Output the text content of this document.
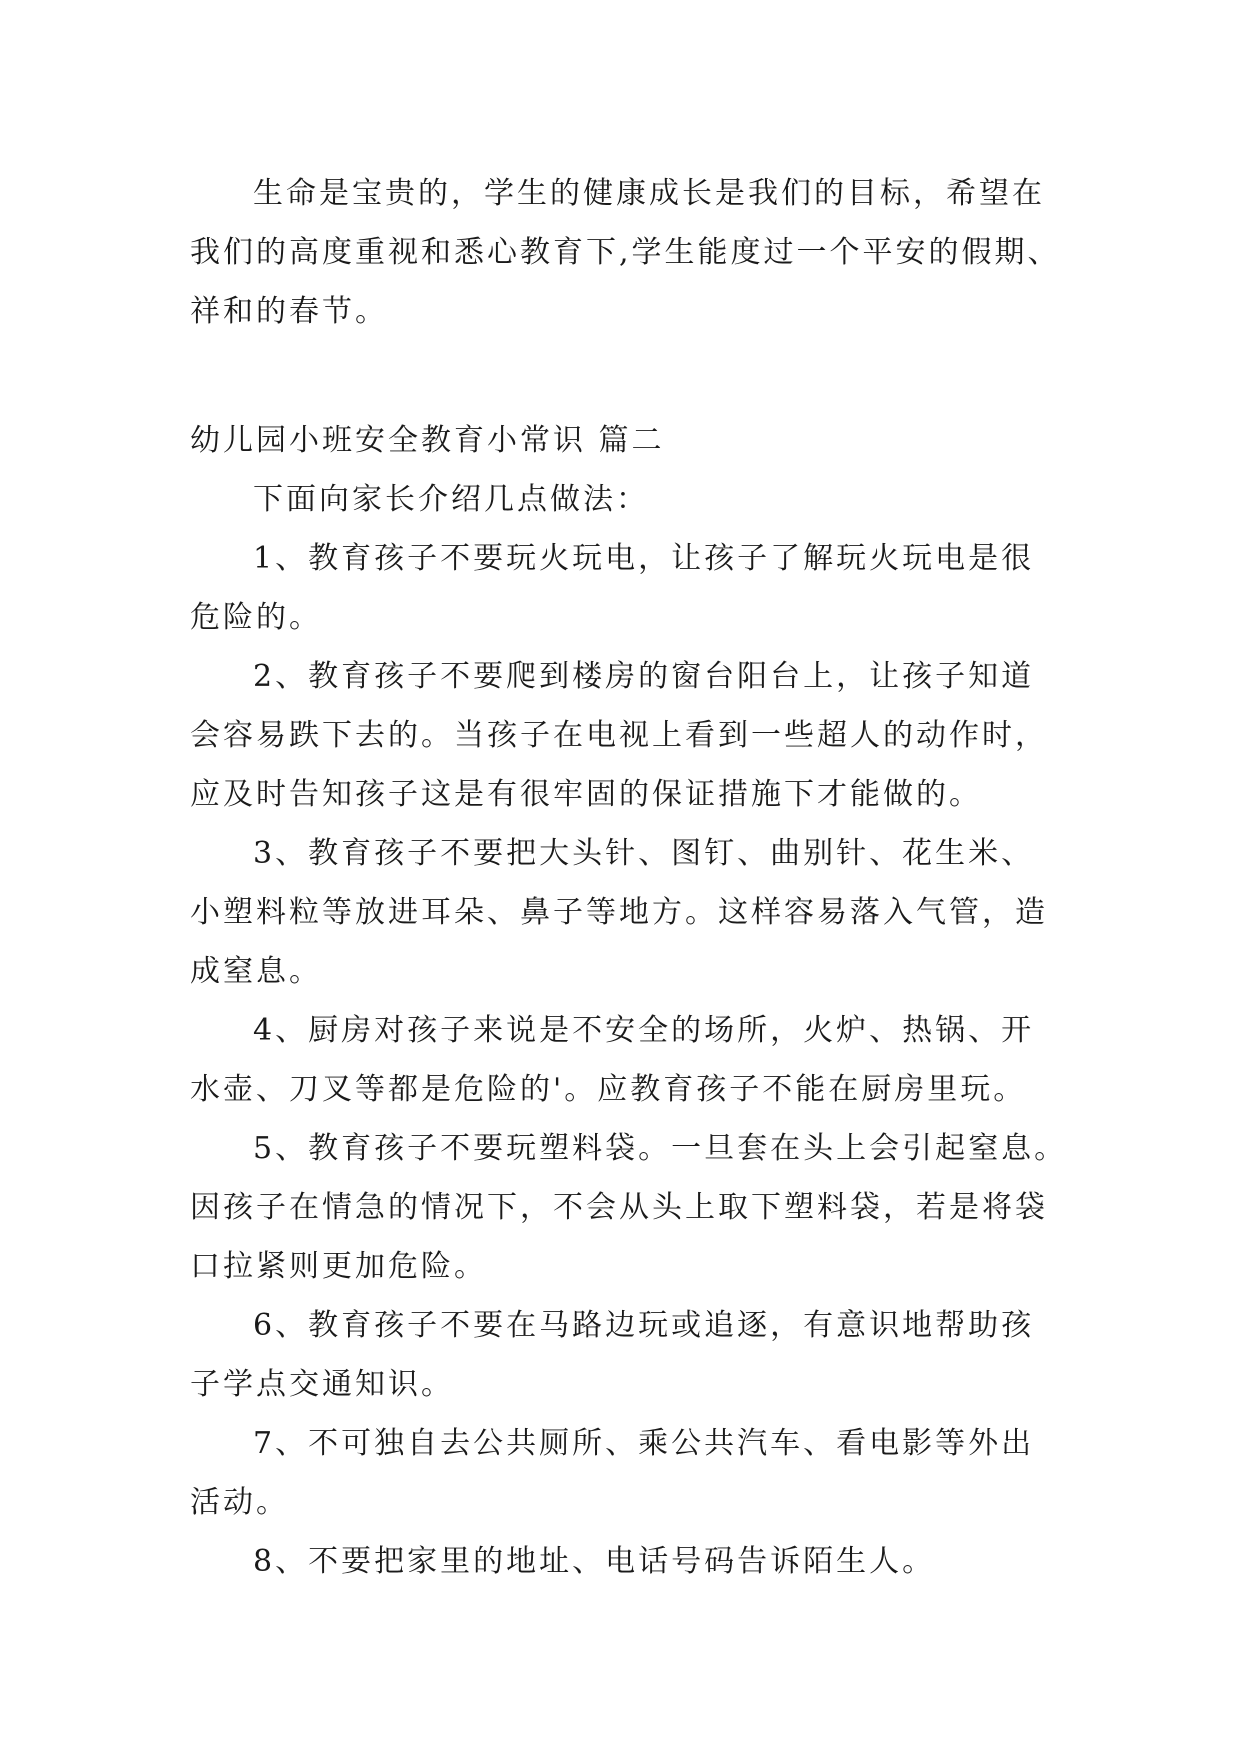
生命是宝贵的，学生的健康成长是我们的目标，希望在
我们的高度重视和悉心教育下,学生能度过一个平安的假期、
祥和的春节。

幼儿园小班安全教育小常识 篇二

下面向家长介绍几点做法：

1、教育孩子不要玩火玩电，让孩子了解玩火玩电是很
危险的。

2、教育孩子不要爬到楼房的窗台阳台上，让孩子知道
会容易跌下去的。当孩子在电视上看到一些超人的动作时，
应及时告知孩子这是有很牢固的保证措施下才能做的。

3、教育孩子不要把大头针、图钉、曲别针、花生米、
小塑料粒等放进耳朵、鼻子等地方。这样容易落入气管，造
成窒息。

4、厨房对孩子来说是不安全的场所，火炉、热锅、开
水壶、刀叉等都是危险的'。应教育孩子不能在厨房里玩。

5、教育孩子不要玩塑料袋。一旦套在头上会引起窒息。
因孩子在情急的情况下，不会从头上取下塑料袋，若是将袋
口拉紧则更加危险。

6、教育孩子不要在马路边玩或追逐，有意识地帮助孩
子学点交通知识。

7、不可独自去公共厕所、乘公共汽车、看电影等外出
活动。

8、不要把家里的地址、电话号码告诉陌生人。
